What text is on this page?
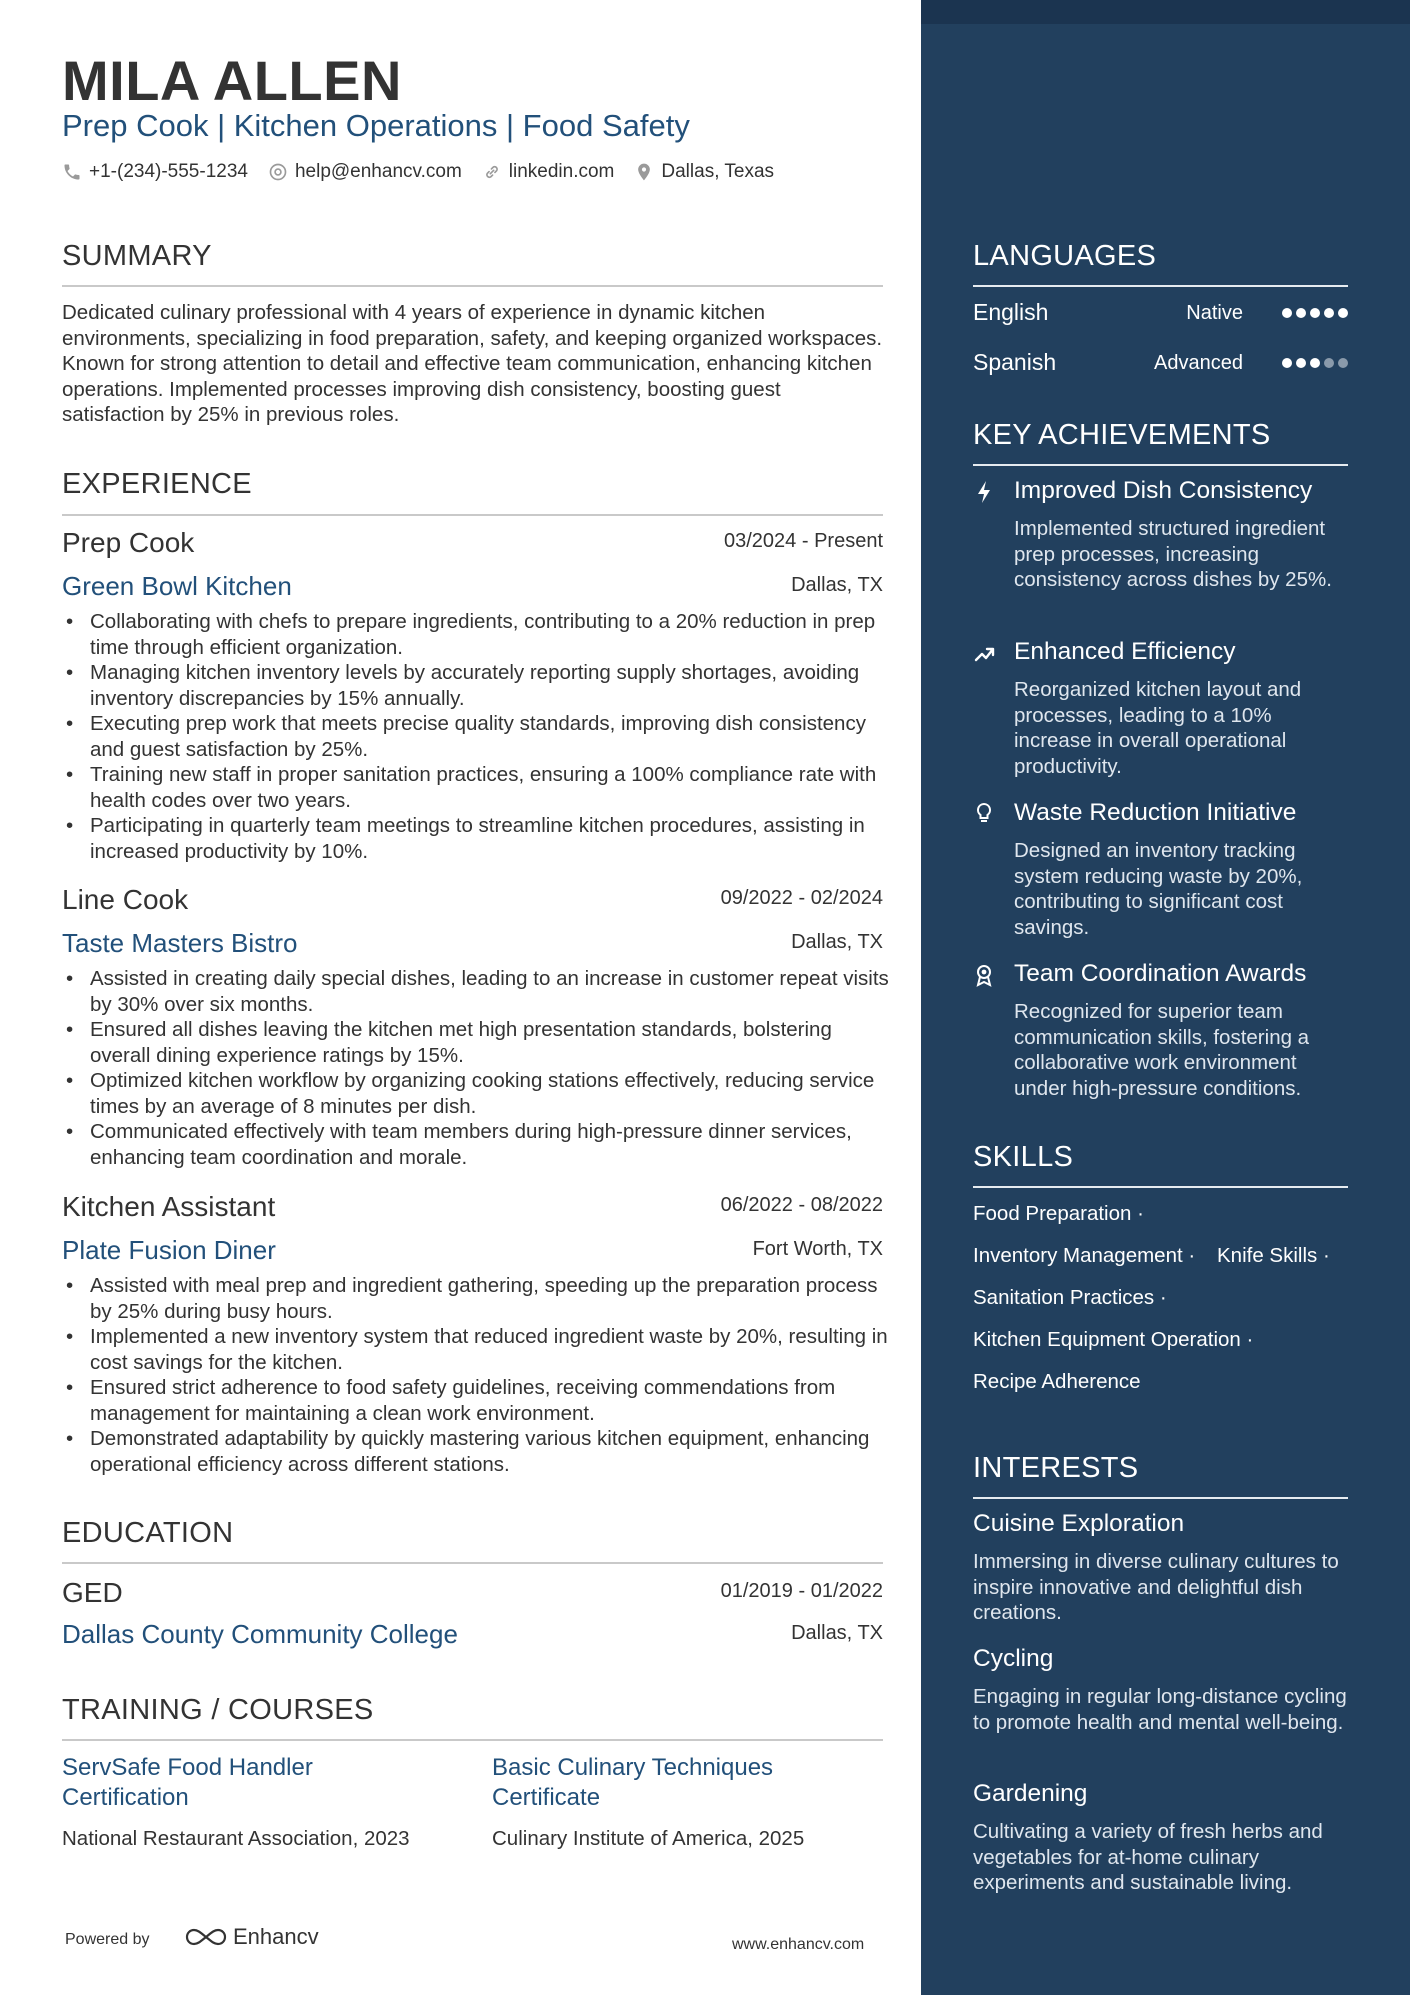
MILA ALLEN
Prep Cook | Kitchen Operations | Food Safety
+1-(234)-555-1234 help@enhancv.com linkedin.com Dallas, Texas
SUMMARY
Dedicated culinary professional with 4 years of experience in dynamic kitchen environments, specializing in food preparation, safety, and keeping organized workspaces. Known for strong attention to detail and effective team communication, enhancing kitchen operations. Implemented processes improving dish consistency, boosting guest satisfaction by 25% in previous roles.
EXPERIENCE
Prep Cook	03/2024 - Present
Green Bowl Kitchen	Dallas, TX
• Collaborating with chefs to prepare ingredients, contributing to a 20% reduction in prep time through efficient organization.
• Managing kitchen inventory levels by accurately reporting supply shortages, avoiding inventory discrepancies by 15% annually.
• Executing prep work that meets precise quality standards, improving dish consistency and guest satisfaction by 25%.
• Training new staff in proper sanitation practices, ensuring a 100% compliance rate with health codes over two years.
• Participating in quarterly team meetings to streamline kitchen procedures, assisting in increased productivity by 10%.
Line Cook	09/2022 - 02/2024
Taste Masters Bistro	Dallas, TX
• Assisted in creating daily special dishes, leading to an increase in customer repeat visits by 30% over six months.
• Ensured all dishes leaving the kitchen met high presentation standards, bolstering overall dining experience ratings by 15%.
• Optimized kitchen workflow by organizing cooking stations effectively, reducing service times by an average of 8 minutes per dish.
• Communicated effectively with team members during high-pressure dinner services, enhancing team coordination and morale.
Kitchen Assistant	06/2022 - 08/2022
Plate Fusion Diner	Fort Worth, TX
• Assisted with meal prep and ingredient gathering, speeding up the preparation process by 25% during busy hours.
• Implemented a new inventory system that reduced ingredient waste by 20%, resulting in cost savings for the kitchen.
• Ensured strict adherence to food safety guidelines, receiving commendations from management for maintaining a clean work environment.
• Demonstrated adaptability by quickly mastering various kitchen equipment, enhancing operational efficiency across different stations.
EDUCATION
GED	01/2019 - 01/2022
Dallas County Community College	Dallas, TX
TRAINING / COURSES
ServSafe Food Handler Certification
National Restaurant Association, 2023
Basic Culinary Techniques Certificate
Culinary Institute of America, 2025
Powered by	Enhancv	www.enhancv.com
LANGUAGES
English	Native
Spanish	Advanced
KEY ACHIEVEMENTS
Improved Dish Consistency
Implemented structured ingredient prep processes, increasing consistency across dishes by 25%.
Enhanced Efficiency
Reorganized kitchen layout and processes, leading to a 10% increase in overall operational productivity.
Waste Reduction Initiative
Designed an inventory tracking system reducing waste by 20%, contributing to significant cost savings.
Team Coordination Awards
Recognized for superior team communication skills, fostering a collaborative work environment under high-pressure conditions.
SKILLS
Food Preparation ·
Inventory Management · Knife Skills ·
Sanitation Practices ·
Kitchen Equipment Operation ·
Recipe Adherence
INTERESTS
Cuisine Exploration
Immersing in diverse culinary cultures to inspire innovative and delightful dish creations.
Cycling
Engaging in regular long-distance cycling to promote health and mental well-being.
Gardening
Cultivating a variety of fresh herbs and vegetables for at-home culinary experiments and sustainable living.
